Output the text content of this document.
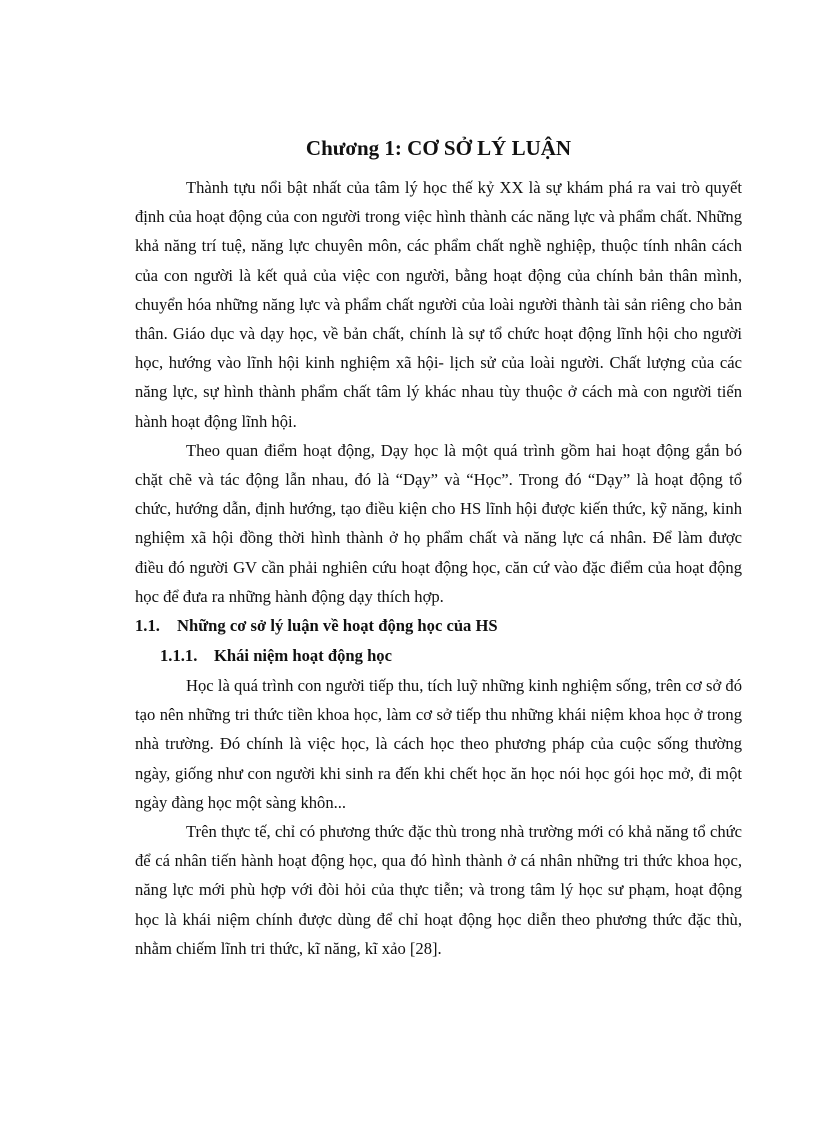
Chương 1: CƠ SỞ LÝ LUẬN

Thành tựu nổi bật nhất của tâm lý học thế kỷ XX là sự khám phá ra vai trò quyết định của hoạt động của con người trong việc hình thành các năng lực và phẩm chất. Những khả năng trí tuệ, năng lực chuyên môn, các phẩm chất nghề nghiệp, thuộc tính nhân cách của con người là kết quả của việc con người, bằng hoạt động của chính bản thân mình, chuyển hóa những năng lực và phẩm chất người của loài người thành tài sản riêng cho bản thân. Giáo dục và dạy học, về bản chất, chính là sự tổ chức hoạt động lĩnh hội cho người học, hướng vào lĩnh hội kinh nghiệm xã hội- lịch sử của loài người. Chất lượng của các năng lực, sự hình thành phẩm chất tâm lý khác nhau tùy thuộc ở cách mà con người tiến hành hoạt động lĩnh hội.

Theo quan điểm hoạt động, Dạy học là một quá trình gồm hai hoạt động gắn bó chặt chẽ và tác động lẫn nhau, đó là “Dạy” và “Học”. Trong đó “Dạy” là hoạt động tổ chức, hướng dẫn, định hướng, tạo điều kiện cho HS lĩnh hội được kiến thức, kỹ năng, kinh nghiệm xã hội đồng thời hình thành ở họ phẩm chất và năng lực cá nhân. Để làm được điều đó người GV cần phải nghiên cứu hoạt động học, căn cứ vào đặc điểm của hoạt động học để đưa ra những hành động dạy thích hợp.

1.1. Những cơ sở lý luận về hoạt động học của HS
1.1.1. Khái niệm hoạt động học

Học là quá trình con người tiếp thu, tích luỹ những kinh nghiệm sống, trên cơ sở đó tạo nên những tri thức tiền khoa học, làm cơ sở tiếp thu những khái niệm khoa học ở trong nhà trường. Đó chính là việc học, là cách học theo phương pháp của cuộc sống thường ngày, giống như con người khi sinh ra đến khi chết học ăn học nói học gói học mở, đi một ngày đàng học một sàng khôn...

Trên thực tế, chỉ có phương thức đặc thù trong nhà trường mới có khả năng tổ chức để cá nhân tiến hành hoạt động học, qua đó hình thành ở cá nhân những tri thức khoa học, năng lực mới phù hợp với đòi hỏi của thực tiễn; và trong tâm lý học sư phạm, hoạt động học là khái niệm chính được dùng để chỉ hoạt động học diễn theo phương thức đặc thù, nhằm chiếm lĩnh tri thức, kĩ năng, kĩ xảo [28].
